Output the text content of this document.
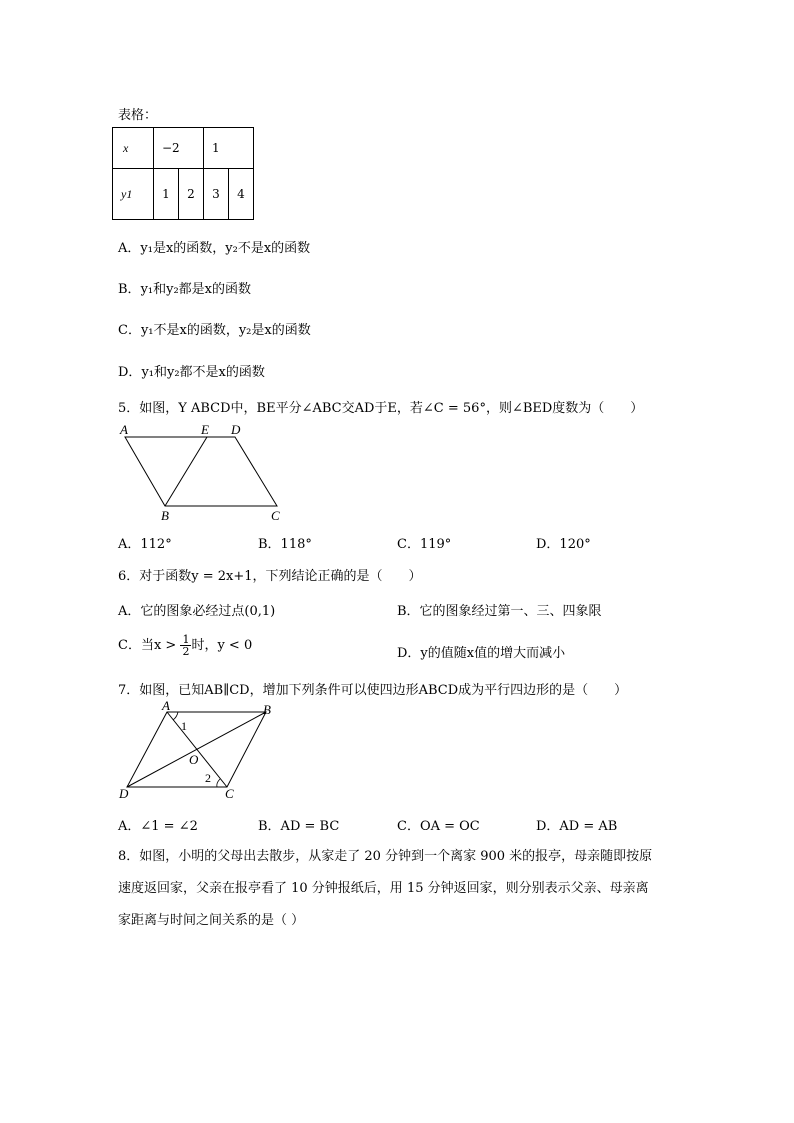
表格：
x	−2		1	
y1	1	2	3	4
A．y₁是x的函数，y₂不是x的函数
B．y₁和y₂都是x的函数
C．y₁不是x的函数，y₂是x的函数
D．y₁和y₂都不是x的函数
5．如图，Y ABCD中，BE平分∠ABC交AD于E，若∠C = 56°，则∠BED度数为（　　）
A	E D
B	C
A．112°	B．118°	C．119°	D．120°
6．对于函数y = 2x+1，下列结论正确的是（　　）
A．它的图象必经过点(0,1)	B．它的图象经过第一、三、四象限
C．当$x > \frac{1}{2}$ 时，y < 0
D．y的值随x值的增大而减小
7．如图，已知AB∥CD，增加下列条件可以使四边形ABCD成为平行四边形的是（　　）
A	B
C
D
O
1
2
A．∠1 = ∠2	B．AD = BC	C．OA = OC	D．AD = AB
8．如图，小明的父母出去散步，从家走了 20 分钟到一个离家 900 米的报亭，母亲随即按原
速度返回家，父亲在报亭看了 10 分钟报纸后，用 15 分钟返回家，则分别表示父亲、母亲离
家距离与时间之间关系的是（ ）
